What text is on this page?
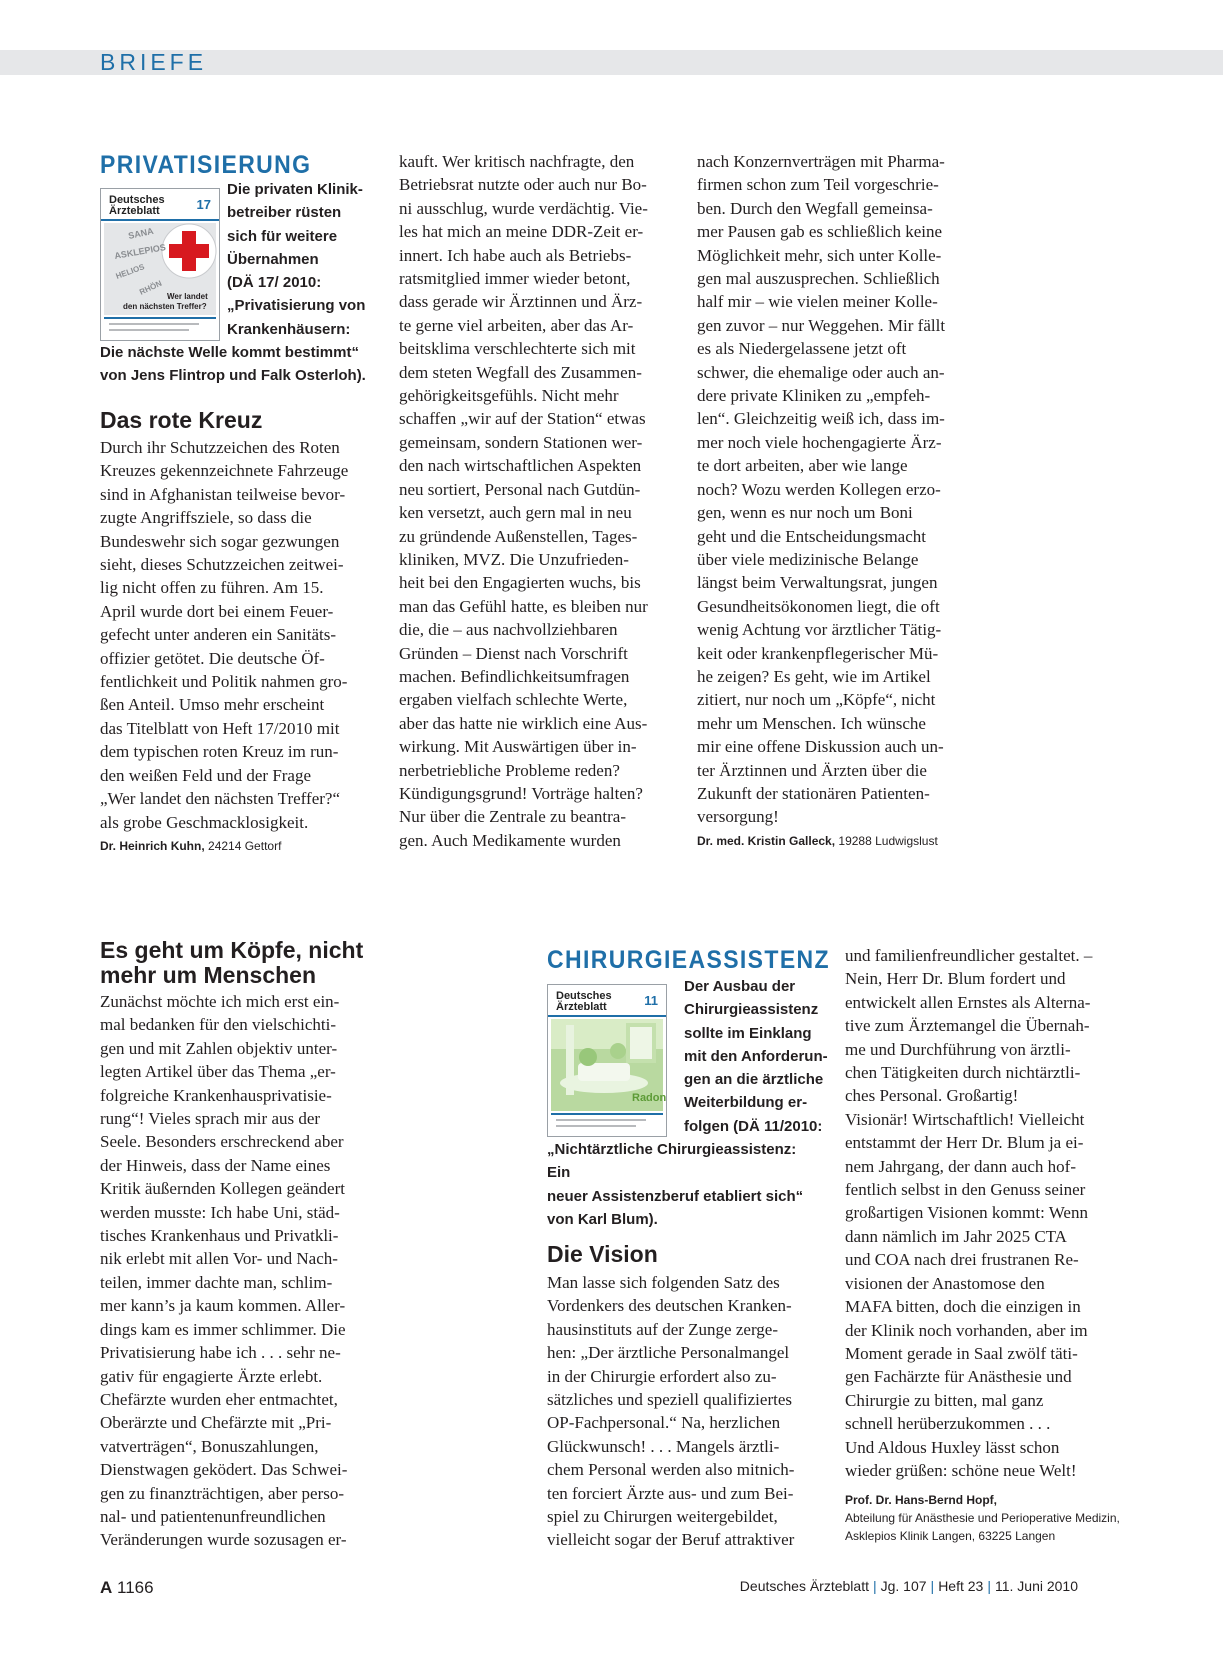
BRIEFE
PRIVATISIERUNG
Deutsches
Ärzteblatt	17
SANA
ASKLEPIOS
HELIOS
RHÖN Wer landet
den nächsten Treffer?
Die privaten Klinik-
betreiber rüsten
sich für weitere
Übernahmen
(DÄ 17/ 2010:
„Privatisierung von
Krankenhäusern:
Die nächste Welle kommt bestimmt“
von Jens Flintrop und Falk Osterloh).
Das rote Kreuz

Durch ihr Schutzzeichen des Roten

Kreuzes gekennzeichnete Fahrzeuge

sind in Afghanistan teilweise bevor-

zugte Angriffsziele, so dass die

Bundeswehr sich sogar gezwungen

sieht, dieses Schutzzeichen zeitwei-

lig nicht offen zu führen. Am 15.

April wurde dort bei einem Feuer-

gefecht unter anderen ein Sanitäts-

offizier getötet. Die deutsche Öf-

fentlichkeit und Politik nahmen gro-

ßen Anteil. Umso mehr erscheint

das Titelblatt von Heft 17/2010 mit

dem typischen roten Kreuz im run-

den weißen Feld und der Frage

„Wer landet den nächsten Treffer?“

als grobe Geschmacklosigkeit.

Dr. Heinrich Kuhn, 24214 Gettorf

kauft. Wer kritisch nachfragte, den

Betriebsrat nutzte oder auch nur Bo-

ni ausschlug, wurde verdächtig. Vie-

les hat mich an meine DDR-Zeit er-

innert. Ich habe auch als Betriebs-

ratsmitglied immer wieder betont,

dass gerade wir Ärztinnen und Ärz-

te gerne viel arbeiten, aber das Ar-

beitsklima verschlechterte sich mit

dem steten Wegfall des Zusammen-

gehörigkeitsgefühls. Nicht mehr

schaffen „wir auf der Station“ etwas

gemeinsam, sondern Stationen wer-

den nach wirtschaftlichen Aspekten

neu sortiert, Personal nach Gutdün-

ken versetzt, auch gern mal in neu

zu gründende Außenstellen, Tages-

kliniken, MVZ. Die Unzufrieden-

heit bei den Engagierten wuchs, bis

man das Gefühl hatte, es bleiben nur

die, die – aus nachvollziehbaren

Gründen – Dienst nach Vorschrift

machen. Befindlichkeitsumfragen

ergaben vielfach schlechte Werte,

aber das hatte nie wirklich eine Aus-

wirkung. Mit Auswärtigen über in-

nerbetriebliche Probleme reden?

Kündigungsgrund! Vorträge halten?

Nur über die Zentrale zu beantra-

gen. Auch Medikamente wurden

nach Konzernverträgen mit Pharma-

firmen schon zum Teil vorgeschrie-

ben. Durch den Wegfall gemeinsa-

mer Pausen gab es schließlich keine

Möglichkeit mehr, sich unter Kolle-

gen mal auszusprechen. Schließlich

half mir – wie vielen meiner Kolle-

gen zuvor – nur Weggehen. Mir fällt

es als Niedergelassene jetzt oft

schwer, die ehemalige oder auch an-

dere private Kliniken zu „empfeh-

len“. Gleichzeitig weiß ich, dass im-

mer noch viele hochengagierte Ärz-

te dort arbeiten, aber wie lange

noch? Wozu werden Kollegen erzo-

gen, wenn es nur noch um Boni

geht und die Entscheidungsmacht

über viele medizinische Belange

längst beim Verwaltungsrat, jungen

Gesundheitsökonomen liegt, die oft

wenig Achtung vor ärztlicher Tätig-

keit oder krankenpflegerischer Mü-

he zeigen? Es geht, wie im Artikel

zitiert, nur noch um „Köpfe“, nicht

mehr um Menschen. Ich wünsche

mir eine offene Diskussion auch un-

ter Ärztinnen und Ärzten über die

Zukunft der stationären Patienten-

versorgung!

Dr. med. Kristin Galleck, 19288 Ludwigslust
Es geht um Köpfe, nicht
mehr um Menschen

Zunächst möchte ich mich erst ein-

mal bedanken für den vielschichti-

gen und mit Zahlen objektiv unter-

legten Artikel über das Thema „er-

folgreiche Krankenhausprivatisie-

rung“! Vieles sprach mir aus der

Seele. Besonders erschreckend aber

der Hinweis, dass der Name eines

Kritik äußernden Kollegen geändert

werden musste: Ich habe Uni, städ-

tisches Krankenhaus und Privatkli-

nik erlebt mit allen Vor- und Nach-

teilen, immer dachte man, schlim-

mer kann’s ja kaum kommen. Aller-

dings kam es immer schlimmer. Die

Privatisierung habe ich . . . sehr ne-

gativ für engagierte Ärzte erlebt.

Chefärzte wurden eher entmachtet,

Oberärzte und Chefärzte mit „Pri-

vatverträgen“, Bonuszahlungen,

Dienstwagen geködert. Das Schwei-

gen zu finanzträchtigen, aber perso-

nal- und patientenunfreundlichen

Veränderungen wurde sozusagen er-

CHIRURGIEASSISTENZ
Deutsches
Ärzteblatt	11
Radon
Der Ausbau der
Chirurgieassistenz
sollte im Einklang
mit den Anforderun-
gen an die ärztliche
Weiterbildung er-
folgen (DÄ 11/2010:
„Nichtärztliche Chirurgieassistenz: Ein
neuer Assistenzberuf etabliert sich“
von Karl Blum).
Die Vision

Man lasse sich folgenden Satz des

Vordenkers des deutschen Kranken-

hausinstituts auf der Zunge zerge-

hen: „Der ärztliche Personalmangel

in der Chirurgie erfordert also zu-

sätzliches und speziell qualifiziertes

OP-Fachpersonal.“ Na, herzlichen

Glückwunsch! . . . Mangels ärztli-

chem Personal werden also mitnich-

ten forciert Ärzte aus- und zum Bei-

spiel zu Chirurgen weitergebildet,

vielleicht sogar der Beruf attraktiver

und familienfreundlicher gestaltet. –

Nein, Herr Dr. Blum fordert und

entwickelt allen Ernstes als Alterna-

tive zum Ärztemangel die Übernah-

me und Durchführung von ärztli-

chen Tätigkeiten durch nichtärztli-

ches Personal. Großartig!

Visionär! Wirtschaftlich! Vielleicht

entstammt der Herr Dr. Blum ja ei-

nem Jahrgang, der dann auch hof-

fentlich selbst in den Genuss seiner

großartigen Visionen kommt: Wenn

dann nämlich im Jahr 2025 CTA

und COA nach drei frustranen Re-

visionen der Anastomose den

MAFA bitten, doch die einzigen in

der Klinik noch vorhanden, aber im

Moment gerade in Saal zwölf täti-

gen Fachärzte für Anästhesie und

Chirurgie zu bitten, mal ganz

schnell herüberzukommen . . .

Und Aldous Huxley lässt schon

wieder grüßen: schöne neue Welt!

Prof. Dr. Hans-Bernd Hopf,
Abteilung für Anästhesie und Perioperative Medizin,
Asklepios Klinik Langen, 63225 Langen
A 1166	Deutsches Ärzteblatt | Jg. 107 | Heft 23 | 11. Juni 2010
